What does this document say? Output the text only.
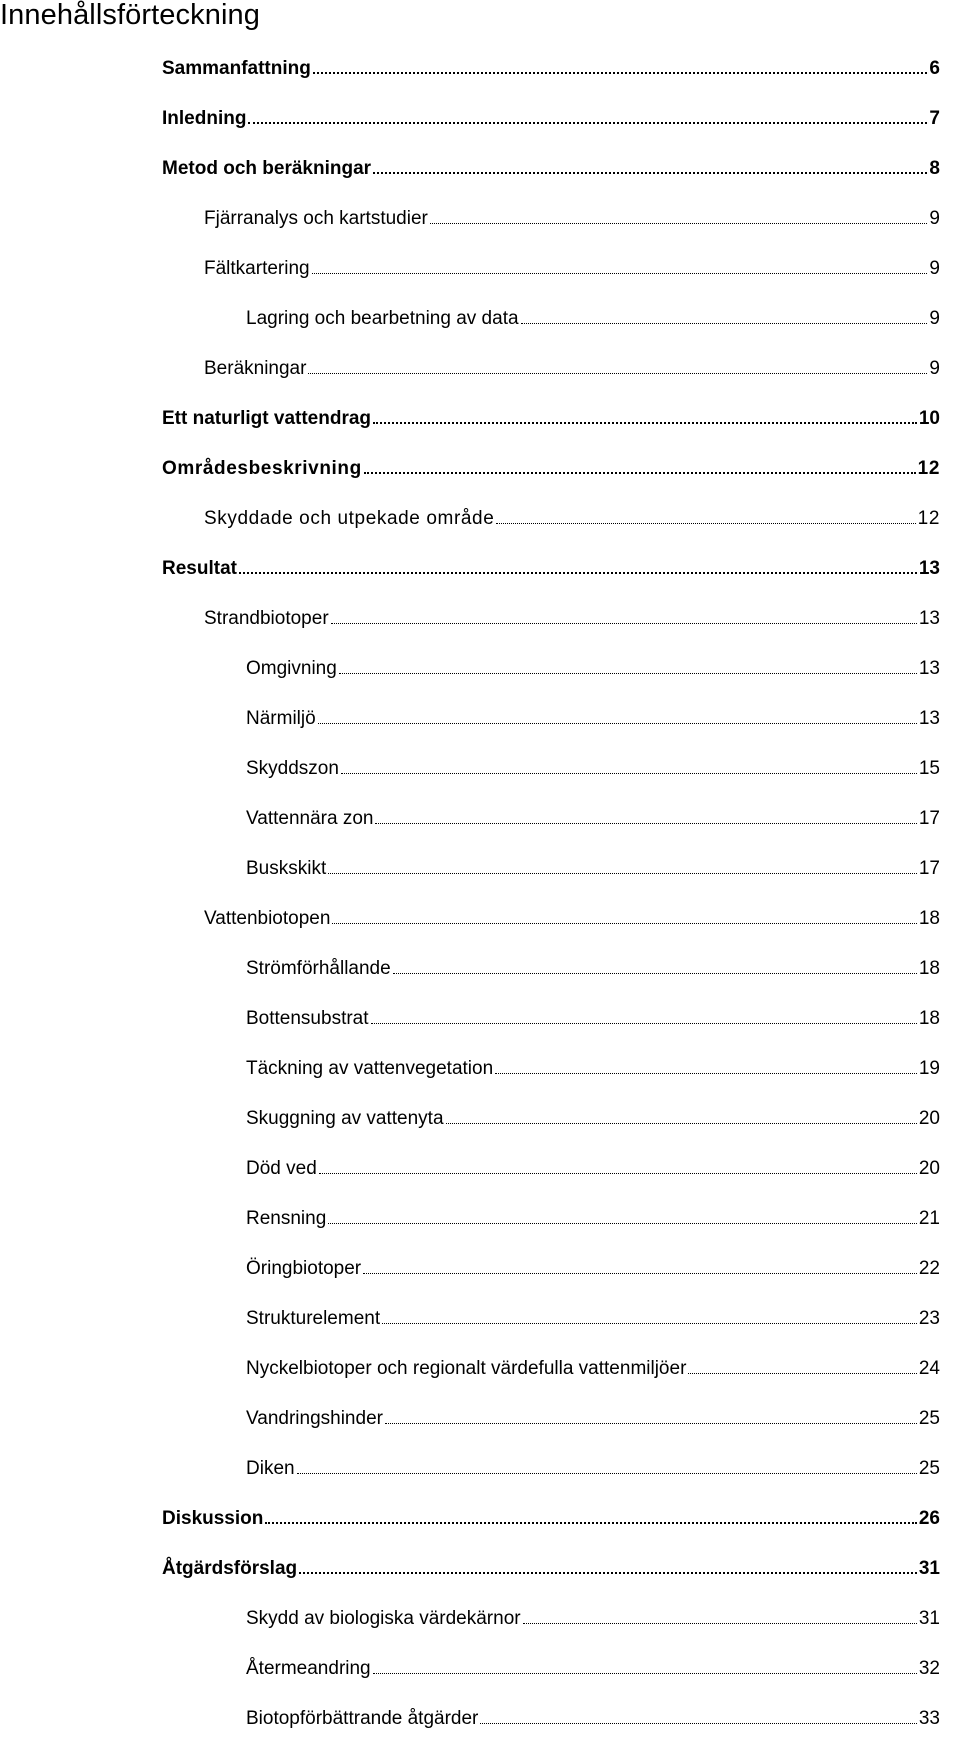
Innehållsförteckning
Sammanfattning	6
Inledning	7
Metod och beräkningar	8
Fjärranalys och kartstudier	9
Fältkartering	9
Lagring och bearbetning av data	9
Beräkningar	9
Ett naturligt vattendrag	10
Områdesbeskrivning	12
Skyddade och utpekade område	12
Resultat	13
Strandbiotoper	13
Omgivning	13
Närmiljö	13
Skyddszon	15
Vattennära zon	17
Buskskikt	17
Vattenbiotopen	18
Strömförhållande	18
Bottensubstrat	18
Täckning av vattenvegetation	19
Skuggning av vattenyta	20
Död ved	20
Rensning	21
Öringbiotoper	22
Strukturelement	23
Nyckelbiotoper och regionalt värdefulla vattenmiljöer	24
Vandringshinder	25
Diken	25
Diskussion	26
Åtgärdsförslag	31
Skydd av biologiska värdekärnor	31
Återmeandring	32
Biotopförbättrande åtgärder	33
